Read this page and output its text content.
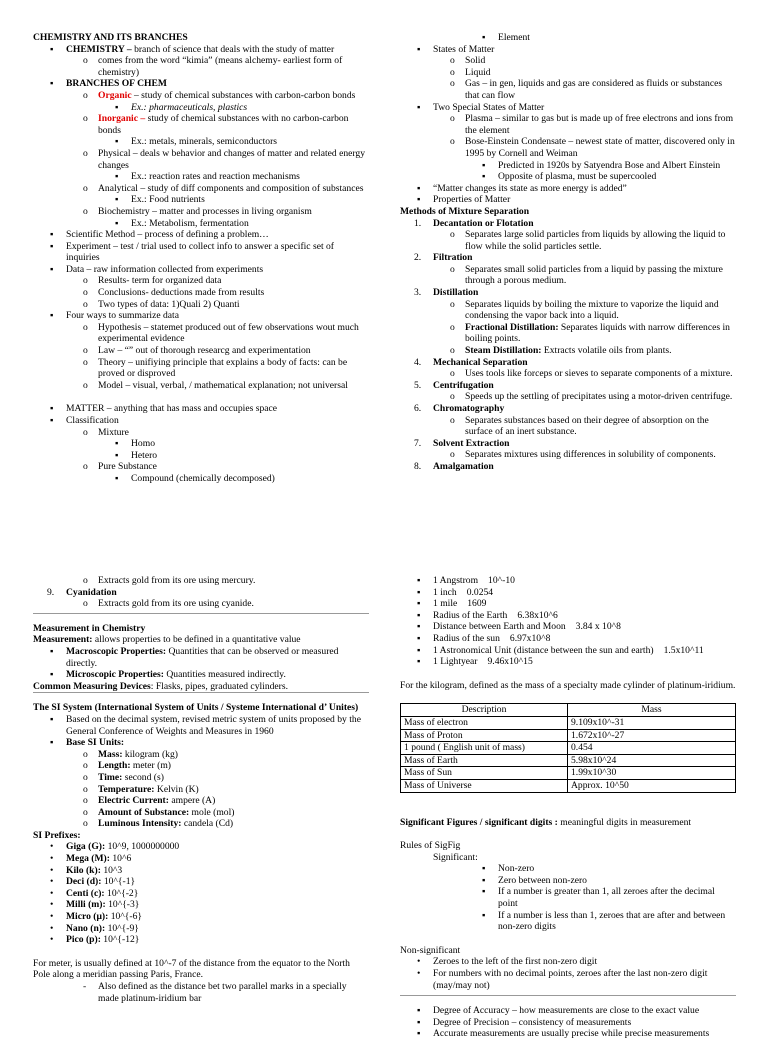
CHEMISTRY AND ITS BRANCHES
▪ CHEMISTRY – branch of science that deals with the study of matter
o comes from the word “kimia” (means alchemy- earliest form of chemistry)
▪ BRANCHES OF CHEM
o Organic – study of chemical substances with carbon-carbon bonds
▪ Ex.: pharmaceuticals, plastics
o Inorganic – study of chemical substances with no carbon-carbon bonds
▪ Ex.: metals, minerals, semiconductors
o Physical – deals w behavior and changes of matter and related energy changes
▪ Ex.: reaction rates and reaction mechanisms
o Analytical – study of diff components and composition of substances
▪ Ex.: Food nutrients
o Biochemistry – matter and processes in living organism
▪ Ex.: Metabolism, fermentation
▪ Scientific Method – process of defining a problem…
▪ Experiment – test / trial used to collect info to answer a specific set of inquiries
▪ Data – raw information collected from experiments
o Results- term for organized data
o Conclusions- deductions made from results
o Two types of data: 1)Quali 2) Quanti
▪ Four ways to summarize data
o Hypothesis – statemet produced out of few observations wout much experimental evidence
o Law – “” out of thorough researcg and experimentation
o Theory – unifiying principle that explains a body of facts: can be proved or disproved
o Model – visual, verbal, / mathematical explanation; not universal
▪ MATTER – anything that has mass and occupies space
▪ Classification
o Mixture
▪ Homo
▪ Hetero
o Pure Substance
▪ Compound (chemically decomposed)
▪ Element
▪ States of Matter
o Solid
o Liquid
o Gas – in gen, liquids and gas are considered as fluids or substances that can flow
▪ Two Special States of Matter
o Plasma – similar to gas but is made up of free electrons and ions from the element
o Bose-Einstein Condensate – newest state of matter, discovered only in 1995 by Cornell and Weiman
▪ Predicted in 1920s by Satyendra Bose and Albert Einstein
▪ Opposite of plasma, must be supercooled
▪ “Matter changes its state as more energy is added”
▪ Properties of Matter
Methods of Mixture Separation
1. Decantation or Flotation
o Separates large solid particles from liquids by allowing the liquid to flow while the solid particles settle.
2. Filtration
o Separates small solid particles from a liquid by passing the mixture through a porous medium.
3. Distillation
o Separates liquids by boiling the mixture to vaporize the liquid and condensing the vapor back into a liquid.
o Fractional Distillation: Separates liquids with narrow differences in boiling points.
o Steam Distillation: Extracts volatile oils from plants.
4. Mechanical Separation
o Uses tools like forceps or sieves to separate components of a mixture.
5. Centrifugation
o Speeds up the settling of precipitates using a motor-driven centrifuge.
6. Chromatography
o Separates substances based on their degree of absorption on the surface of an inert substance.
7. Solvent Extraction
o Separates mixtures using differences in solubility of components.
8. Amalgamation
o Extracts gold from its ore using mercury.
9. Cyanidation
o Extracts gold from its ore using cyanide.
Measurement in Chemistry
Measurement: allows properties to be defined in a quantitative value
▪ Macroscopic Properties: Quantities that can be observed or measured directly.
▪ Microscopic Properties: Quantities measured indirectly.
Common Measuring Devices: Flasks, pipes, graduated cylinders.
The SI System (International System of Units / Systeme International d’ Unites)
▪ Based on the decimal system, revised metric system of units proposed by the General Conference of Weights and Measures in 1960
▪ Base SI Units:
o Mass: kilogram (kg)
o Length: meter (m)
o Time: second (s)
o Temperature: Kelvin (K)
o Electric Current: ampere (A)
o Amount of Substance: mole (mol)
o Luminous Intensity: candela (Cd)
SI Prefixes:
• Giga (G): 10^9, 1000000000
• Mega (M): 10^6
• Kilo (k): 10^3
• Deci (d): 10^{-1}
• Centi (c): 10^{-2}
• Milli (m): 10^{-3}
• Micro (μ): 10^{-6}
• Nano (n): 10^{-9}
• Pico (p): 10^{-12}
For meter, is usually defined at 10^-7 of the distance from the equator to the North Pole along a meridian passing Paris, France.
- Also defined as the distance bet two parallel marks in a specially made platinum-iridium bar
▪ 1 Angstrom 10^-10
▪ 1 inch 0.0254
▪ 1 mile 1609
▪ Radius of the Earth 6.38x10^6
▪ Distance between Earth and Moon 3.84 x 10^8
▪ Radius of the sun 6.97x10^8
▪ 1 Astronomical Unit (distance between the sun and earth) 1.5x10^11
▪ 1 Lightyear 9.46x10^15
For the kilogram, defined as the mass of a specialty made cylinder of platinum-iridium.
Description	Mass
Mass of electron	9.109x10^-31
Mass of Proton	1.672x10^-27
1 pound ( English unit of mass)	0.454
Mass of Earth	5.98x10^24
Mass of Sun	1.99x10^30
Mass of Universe	Approx. 10^50
Significant Figures / significant digits : meaningful digits in measurement
Rules of SigFig
Significant:
▪ Non-zero
▪ Zero between non-zero
▪ If a number is greater than 1, all zeroes after the decimal point
▪ If a number is less than 1, zeroes that are after and between non-zero digits
Non-significant
• Zeroes to the left of the first non-zero digit
• For numbers with no decimal points, zeroes after the last non-zero digit (may/may not)
▪ Degree of Accuracy – how measurements are close to the exact value
▪ Degree of Precision – consistency of measurements
▪ Accurate measurements are usually precise while precise measurements
